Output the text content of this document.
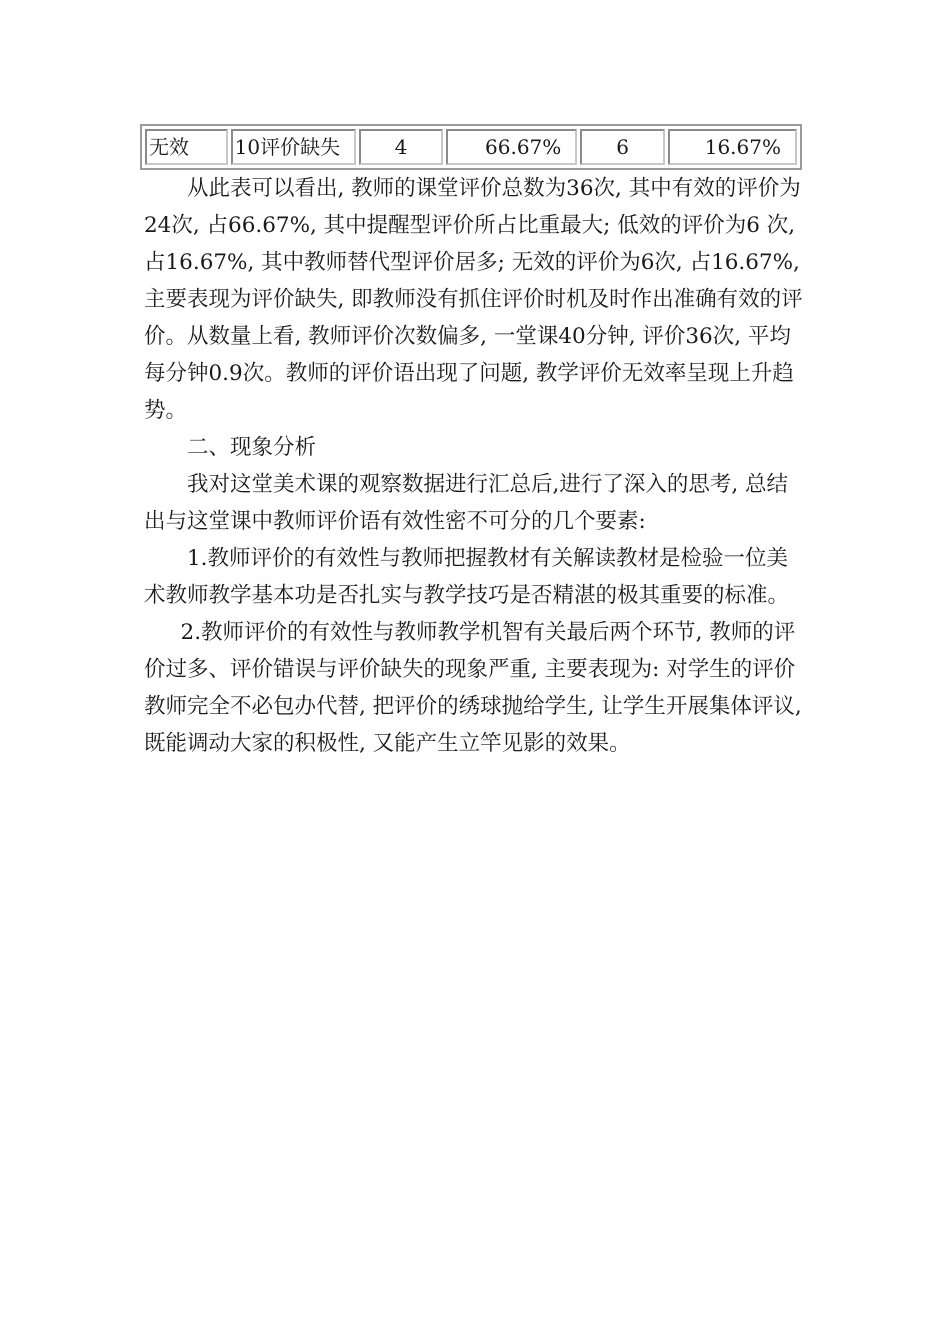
无效	10评价缺失	4	66.67%	6	16.67%

从此表可以看出, 教师的课堂评价总数为36次, 其中有效的评价为24次, 占66.67%, 其中提醒型评价所占比重最大; 低效的评价为6 次, 占16.67%, 其中教师替代型评价居多; 无效的评价为6次, 占16.67%, 主要表现为评价缺失, 即教师没有抓住评价时机及时作出准确有效的评价。从数量上看, 教师评价次数偏多, 一堂课40分钟, 评价36次, 平均每分钟0.9次。教师的评价语出现了问题, 教学评价无效率呈现上升趋势。

二、现象分析

我对这堂美术课的观察数据进行汇总后,进行了深入的思考, 总结出与这堂课中教师评价语有效性密不可分的几个要素:

1.教师评价的有效性与教师把握教材有关解读教材是检验一位美术教师教学基本功是否扎实与教学技巧是否精湛的极其重要的标准。

2.教师评价的有效性与教师教学机智有关最后两个环节, 教师的评价过多、评价错误与评价缺失的现象严重, 主要表现为: 对学生的评价教师完全不必包办代替, 把评价的绣球抛给学生, 让学生开展集体评议, 既能调动大家的积极性, 又能产生立竿见影的效果。
